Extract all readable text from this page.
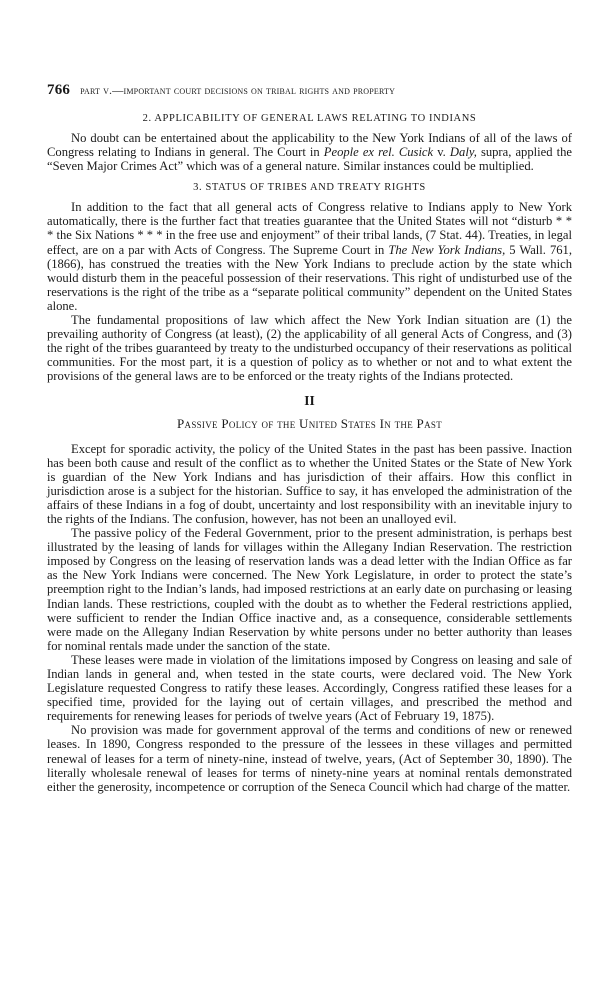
766 part v.—important court decisions on tribal rights and property
2. APPLICABILITY OF GENERAL LAWS RELATING TO INDIANS

No doubt can be entertained about the applicability to the New York Indians of all of the laws of Congress relating to Indians in general. The Court in People ex rel. Cusick v. Daly, supra, applied the “Seven Major Crimes Act” which was of a general nature. Similar instances could be multiplied.

3. STATUS OF TRIBES AND TREATY RIGHTS

In addition to the fact that all general acts of Congress relative to Indians apply to New York automatically, there is the further fact that treaties guarantee that the United States will not “disturb * * * the Six Nations * * * in the free use and enjoyment” of their tribal lands, (7 Stat. 44). Treaties, in legal effect, are on a par with Acts of Congress. The Supreme Court in The New York Indians, 5 Wall. 761, (1866), has construed the treaties with the New York Indians to preclude action by the state which would disturb them in the peaceful possession of their reservations. This right of undisturbed use of the reservations is the right of the tribe as a “separate political community” dependent on the United States alone.

The fundamental propositions of law which affect the New York Indian situation are (1) the prevailing authority of Congress (at least), (2) the applicability of all general Acts of Congress, and (3) the right of the tribes guaranteed by treaty to the undisturbed occupancy of their reservations as political communities. For the most part, it is a question of policy as to whether or not and to what extent the provisions of the general laws are to be enforced or the treaty rights of the Indians protected.

II
Passive Policy of the United States In the Past

Except for sporadic activity, the policy of the United States in the past has been passive. Inaction has been both cause and result of the conflict as to whether the United States or the State of New York is guardian of the New York Indians and has jurisdiction of their affairs. How this conflict in jurisdiction arose is a subject for the historian. Suffice to say, it has enveloped the administration of the affairs of these Indians in a fog of doubt, uncertainty and lost responsibility with an inevitable injury to the rights of the Indians. The confusion, however, has not been an unalloyed evil.

The passive policy of the Federal Government, prior to the present administration, is perhaps best illustrated by the leasing of lands for villages within the Allegany Indian Reservation. The restriction imposed by Congress on the leasing of reservation lands was a dead letter with the Indian Office as far as the New York Indians were concerned. The New York Legislature, in order to protect the state’s preemption right to the Indian’s lands, had imposed restrictions at an early date on purchasing or leasing Indian lands. These restrictions, coupled with the doubt as to whether the Federal restrictions applied, were sufficient to render the Indian Office inactive and, as a consequence, considerable settlements were made on the Allegany Indian Reservation by white persons under no better authority than leases for nominal rentals made under the sanction of the state.

These leases were made in violation of the limitations imposed by Congress on leasing and sale of Indian lands in general and, when tested in the state courts, were declared void. The New York Legislature requested Congress to ratify these leases. Accordingly, Congress ratified these leases for a specified time, provided for the laying out of certain villages, and prescribed the method and requirements for renewing leases for periods of twelve years (Act of February 19, 1875).

No provision was made for government approval of the terms and conditions of new or renewed leases. In 1890, Congress responded to the pressure of the lessees in these villages and permitted renewal of leases for a term of ninety-nine, instead of twelve, years, (Act of September 30, 1890). The literally wholesale renewal of leases for terms of ninety-nine years at nominal rentals demonstrated either the generosity, incompetence or corruption of the Seneca Council which had charge of the matter.
